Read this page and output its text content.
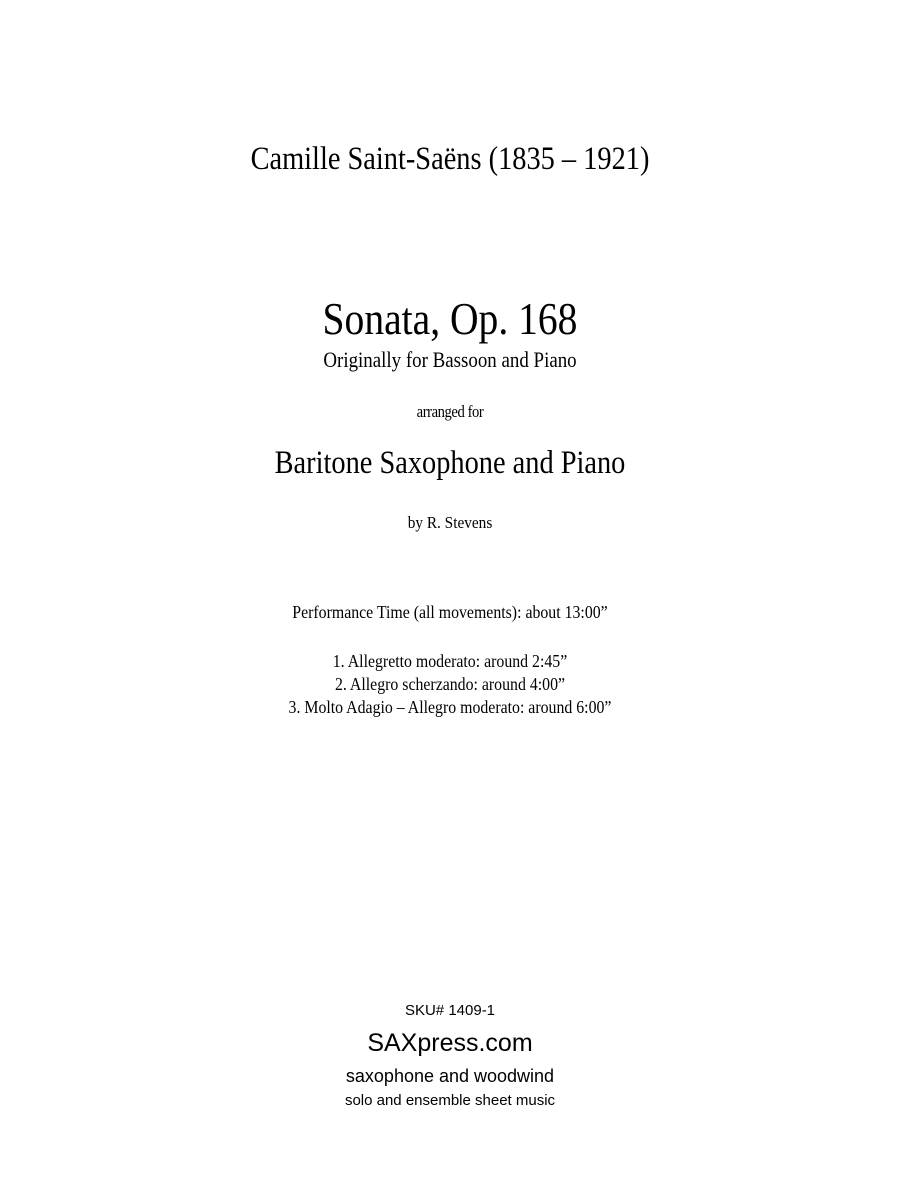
Camille Saint-Saëns (1835 – 1921)
Sonata, Op. 168
Originally for Bassoon and Piano
arranged for
Baritone Saxophone and Piano
by R. Stevens
Performance Time (all movements): about 13:00”
1. Allegretto moderato: around 2:45”
2. Allegro scherzando: around 4:00”
3. Molto Adagio – Allegro moderato: around 6:00”
SKU# 1409-1
SAXpress.com
saxophone and woodwind
solo and ensemble sheet music
